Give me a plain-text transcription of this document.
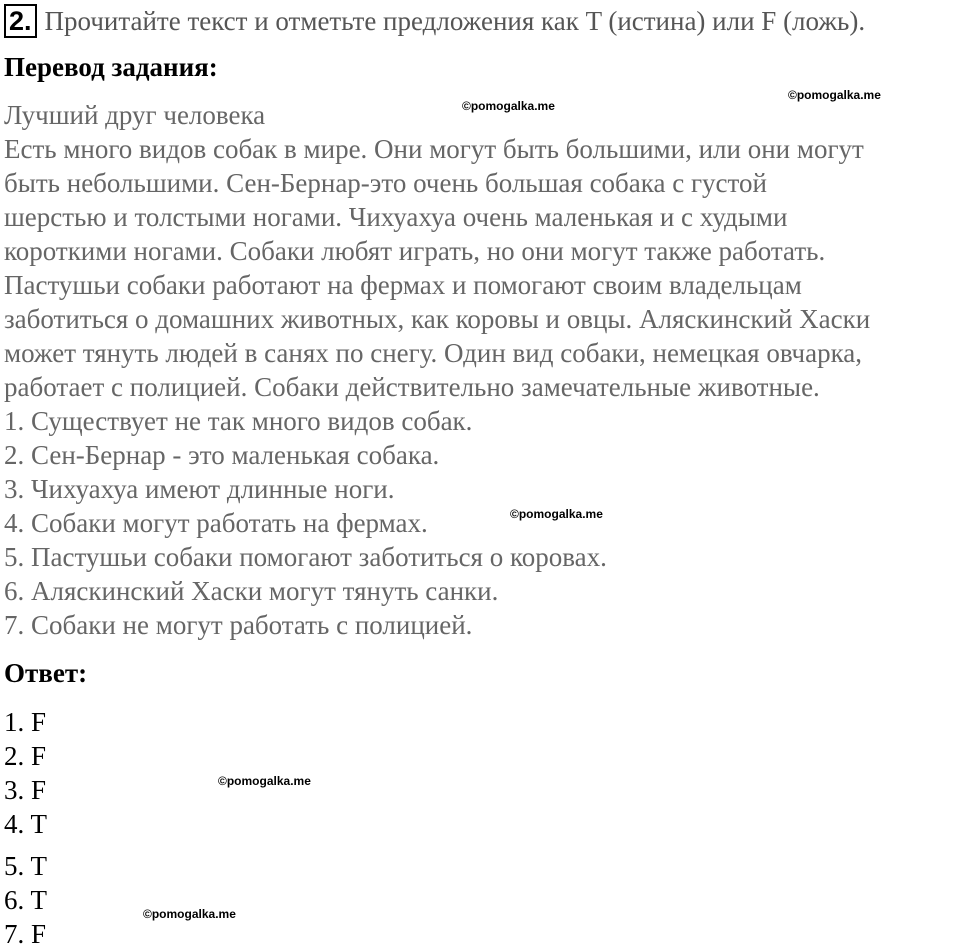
2. Прочитайте текст и отметьте предложения как T (истина) или F (ложь).
Перевод задания:
Лучший друг человека
Есть много видов собак в мире. Они могут быть большими, или они могут
быть небольшими. Сен-Бернар-это очень большая собака с густой
шерстью и толстыми ногами. Чихуахуа очень маленькая и с худыми
короткими ногами. Собаки любят играть, но они могут также работать.
Пастушьи собаки работают на фермах и помогают своим владельцам
заботиться о домашних животных, как коровы и овцы. Аляскинский Хаски
может тянуть людей в санях по снегу. Один вид собаки, немецкая овчарка,
работает с полицией. Собаки действительно замечательные животные.
1. Существует не так много видов собак.
2. Сен-Бернар - это маленькая собака.
3. Чихуахуа имеют длинные ноги.
4. Собаки могут работать на фермах.
5. Пастушьи собаки помогают заботиться о коровах.
6. Аляскинский Хаски могут тянуть санки.
7. Собаки не могут работать с полицией.
Ответ:
1. F
2. F
3. F
4. T
5. T
6. T
7. F
©pomogalka.me
©pomogalka.me
©pomogalka.me
©pomogalka.me
©pomogalka.me
